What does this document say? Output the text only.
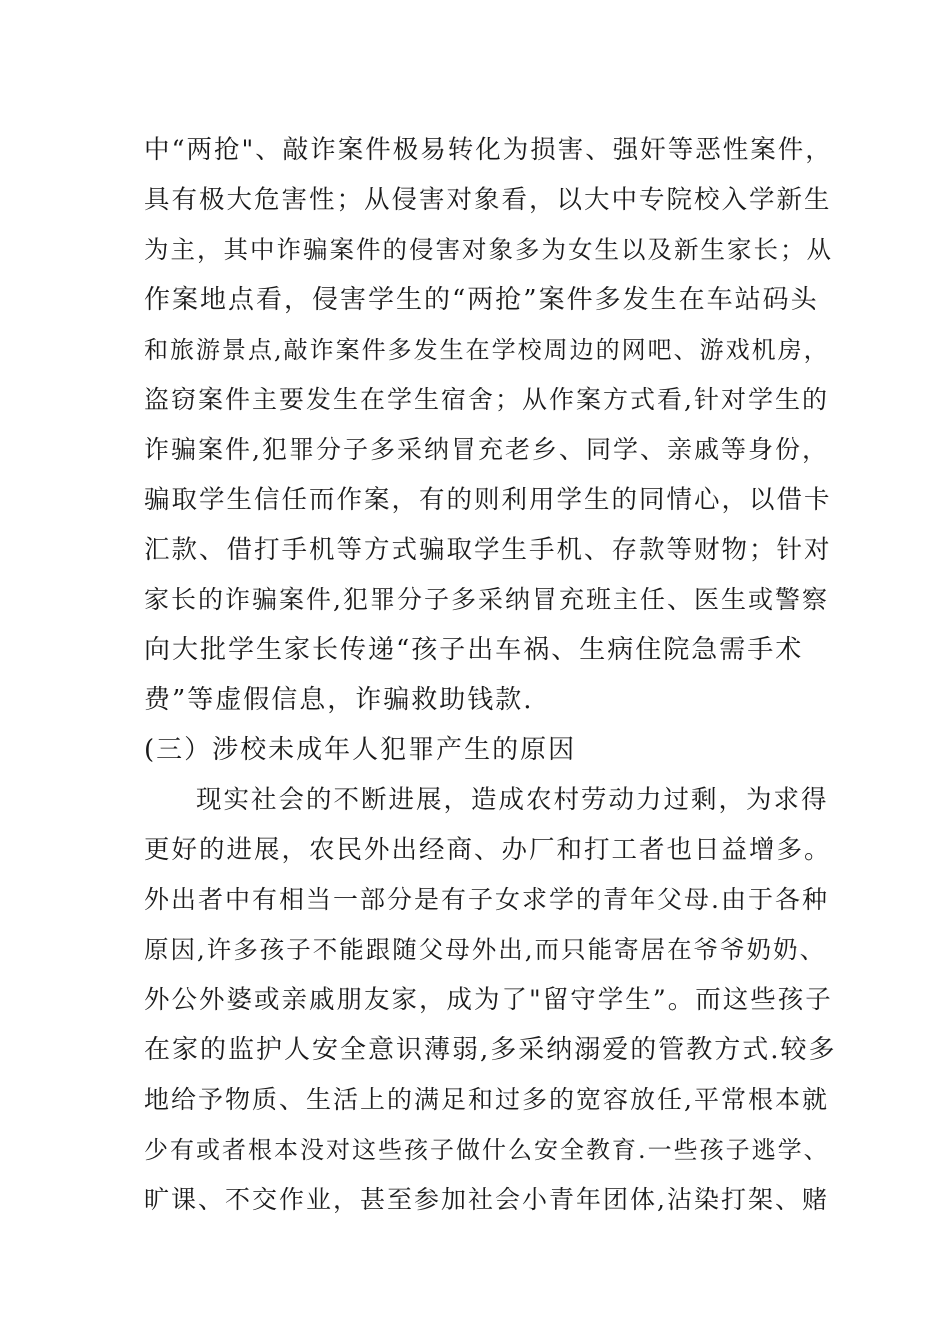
中“两抢"、敲诈案件极易转化为损害、强奸等恶性案件，
具有极大危害性；从侵害对象看，以大中专院校入学新生
为主，其中诈骗案件的侵害对象多为女生以及新生家长；从
作案地点看，侵害学生的“两抢”案件多发生在车站码头
和旅游景点,敲诈案件多发生在学校周边的网吧、游戏机房，
盗窃案件主要发生在学生宿舍；从作案方式看,针对学生的
诈骗案件,犯罪分子多采纳冒充老乡、同学、亲戚等身份，
骗取学生信任而作案，有的则利用学生的同情心，以借卡
汇款、借打手机等方式骗取学生手机、存款等财物；针对
家长的诈骗案件,犯罪分子多采纳冒充班主任、医生或警察
向大批学生家长传递“孩子出车祸、生病住院急需手术
费”等虚假信息，诈骗救助钱款.
(三）涉校未成年人犯罪产生的原因
现实社会的不断进展，造成农村劳动力过剩，为求得
更好的进展，农民外出经商、办厂和打工者也日益增多。
外出者中有相当一部分是有子女求学的青年父母.由于各种
原因,许多孩子不能跟随父母外出,而只能寄居在爷爷奶奶、
外公外婆或亲戚朋友家，成为了"留守学生”。而这些孩子
在家的监护人安全意识薄弱,多采纳溺爱的管教方式.较多
地给予物质、生活上的满足和过多的宽容放任,平常根本就
少有或者根本没对这些孩子做什么安全教育.一些孩子逃学、
旷课、不交作业，甚至参加社会小青年团体,沾染打架、赌
